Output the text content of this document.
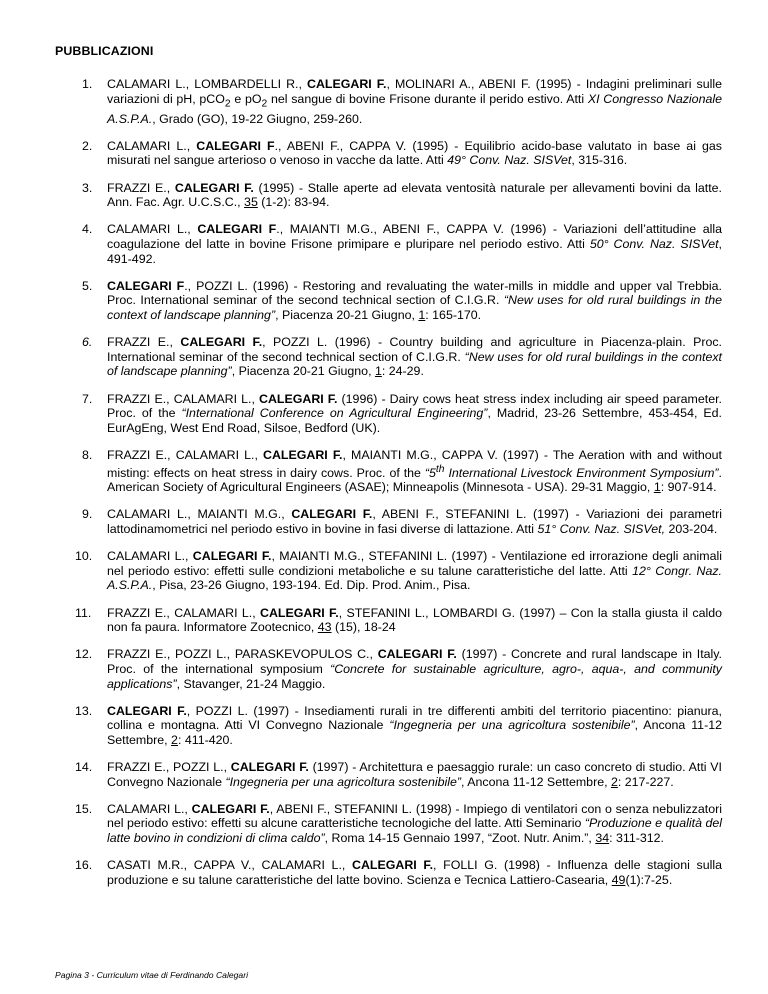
PUBBLICAZIONI
1.	CALAMARI L., LOMBARDELLI R., CALEGARI F., MOLINARI A., ABENI F. (1995) - Indagini preliminari sulle variazioni di pH, pCO$_2$ e $pO_2$ nel sangue di bovine Frisone durante il perido estivo. Atti XI Congresso Nazionale A.S.P.A., Grado (GO), 19-22 Giugno, 259-260.
2.	CALAMARI L., CALEGARI F., ABENI F., CAPPA V. (1995) - Equilibrio acido-base valutato in base ai gas misurati nel sangue arterioso o venoso in vacche da latte. Atti 49° Conv. Naz. SISVet, 315-316.
3.	FRAZZI E., CALEGARI F. (1995) - Stalle aperte ad elevata ventosità naturale per allevamenti bovini da latte. Ann. Fac. Agr. U.C.S.C., 35 (1-2): 83-94.
4.	CALAMARI L., CALEGARI F., MAIANTI M.G., ABENI F., CAPPA V. (1996) - Variazioni dell’attitudine alla coagulazione del latte in bovine Frisone primipare e pluripare nel periodo estivo. Atti 50° Conv. Naz. SISVet, 491-492.
5.	CALEGARI F., POZZI L. (1996) - Restoring and revaluating the water-mills in middle and upper val Trebbia. Proc. International seminar of the second technical section of C.I.G.R. “New uses for old rural buildings in the context of landscape planning”, Piacenza 20-21 Giugno, 1: 165-170.
6.	FRAZZI E., CALEGARI F., POZZI L. (1996) - Country building and agriculture in Piacenza-plain. Proc. International seminar of the second technical section of C.I.G.R. “New uses for old rural buildings in the context of landscape planning”, Piacenza 20-21 Giugno, 1: 24-29.
7.	FRAZZI E., CALAMARI L., CALEGARI F. (1996) - Dairy cows heat stress index including air speed parameter. Proc. of the “International Conference on Agricultural Engineering”, Madrid, 23-26 Settembre, 453-454, Ed. EurAgEng, West End Road, Silsoe, Bedford (UK).
8.	FRAZZI E., CALAMARI L., CALEGARI F., MAIANTI M.G., CAPPA V. (1997) - The Aeration with and without misting: effects on heat stress in dairy cows. Proc. of the “5th International Livestock Environment Symposium”. American Society of Agricultural Engineers (ASAE); Minneapolis (Minnesota - USA). 29-31 Maggio, 1: 907-914.
9.	CALAMARI L., MAIANTI M.G., CALEGARI F., ABENI F., STEFANINI L. (1997) - Variazioni dei parametri lattodinamometrici nel periodo estivo in bovine in fasi diverse di lattazione. Atti 51° Conv. Naz. SISVet, 203-204.
10.	CALAMARI L., CALEGARI F., MAIANTI M.G., STEFANINI L. (1997) - Ventilazione ed irrorazione degli animali nel periodo estivo: effetti sulle condizioni metaboliche e su talune caratteristiche del latte. Atti 12° Congr. Naz. A.S.P.A., Pisa, 23-26 Giugno, 193-194. Ed. Dip. Prod. Anim., Pisa.
11.	FRAZZI E., CALAMARI L., CALEGARI F., STEFANINI L., LOMBARDI G. (1997) – Con la stalla giusta il caldo non fa paura. Informatore Zootecnico, 43 (15), 18-24
12.	FRAZZI E., POZZI L., PARASKEVOPULOS C., CALEGARI F. (1997) - Concrete and rural landscape in Italy. Proc. of the international symposium “Concrete for sustainable agriculture, agro-, aqua-, and community applications”, Stavanger, 21-24 Maggio.
13.	CALEGARI F., POZZI L. (1997) - Insediamenti rurali in tre differenti ambiti del territorio piacentino: pianura, collina e montagna. Atti VI Convegno Nazionale “Ingegneria per una agricoltura sostenibile”, Ancona 11-12 Settembre, 2: 411-420.
14.	FRAZZI E., POZZI L., CALEGARI F. (1997) - Architettura e paesaggio rurale: un caso concreto di studio. Atti VI Convegno Nazionale “Ingegneria per una agricoltura sostenibile”, Ancona 11-12 Settembre, 2: 217-227.
15.	CALAMARI L., CALEGARI F., ABENI F., STEFANINI L. (1998) - Impiego di ventilatori con o senza nebulizzatori nel periodo estivo: effetti su alcune caratteristiche tecnologiche del latte. Atti Seminario “Produzione e qualità del latte bovino in condizioni di clima caldo”, Roma 14-15 Gennaio 1997, “Zoot. Nutr. Anim.”, 34: 311-312.
16.	CASATI M.R., CAPPA V., CALAMARI L., CALEGARI F., FOLLI G. (1998) - Influenza delle stagioni sulla produzione e su talune caratteristiche del latte bovino. Scienza e Tecnica Lattiero-Casearia, 49(1):7-25.
Pagina 3 - Curriculum vitae di Ferdinando Calegari
